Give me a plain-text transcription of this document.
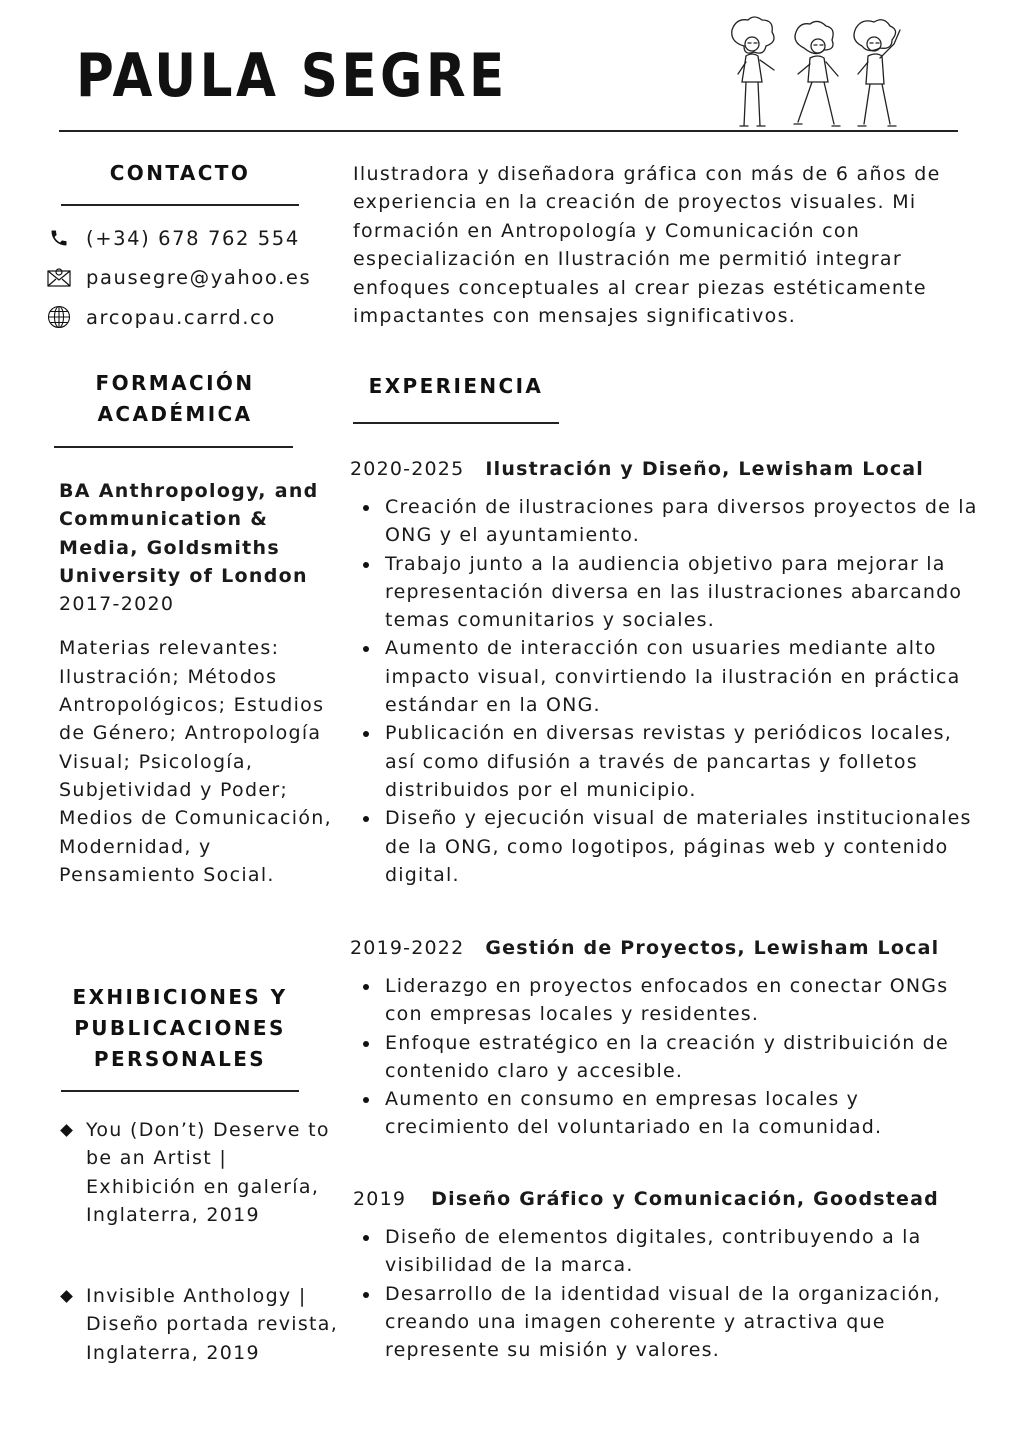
PAULA SEGRE
CONTACTO
(+34) 678 762 554
pausegre@yahoo.es
arcopau.carrd.co
FORMACIÓN
ACADÉMICA

BA Anthropology, and Communication & Media, Goldsmiths University of London

2017-2020

Materias relevantes: Ilustración; Métodos Antropológicos; Estudios de Género; Antropología Visual; Psicología, Subjetividad y Poder; Medios de Comunicación, Modernidad, y Pensamiento Social.

EXHIBICIONES Y
PUBLICACIONES
PERSONALES
You (Don’t) Deserve to be an Artist | Exhibición en galería, Inglaterra, 2019
Invisible Anthology | Diseño portada revista, Inglaterra, 2019

Ilustradora y diseñadora gráfica con más de 6 años de experiencia en la creación de proyectos visuales. Mi formación en Antropología y Comunicación con especialización en Ilustración me permitió integrar enfoques conceptuales al crear piezas estéticamente impactantes con mensajes significativos.

EXPERIENCIA
2020-2025 Ilustración y Diseño, Lewisham Local
Creación de ilustraciones para diversos proyectos de la ONG y el ayuntamiento.
Trabajo junto a la audiencia objetivo para mejorar la representación diversa en las ilustraciones abarcando temas comunitarios y sociales.
Aumento de interacción con usuaries mediante alto impacto visual, convirtiendo la ilustración en práctica estándar en la ONG.
Publicación en diversas revistas y periódicos locales, así como difusión a través de pancartas y folletos distribuidos por el municipio.
Diseño y ejecución visual de materiales institucionales de la ONG, como logotipos, páginas web y contenido digital.
2019-2022 Gestión de Proyectos, Lewisham Local
Liderazgo en proyectos enfocados en conectar ONGs con empresas locales y residentes.
Enfoque estratégico en la creación y distribuición de contenido claro y accesible.
Aumento en consumo en empresas locales y crecimiento del voluntariado en la comunidad.
2019 Diseño Gráfico y Comunicación, Goodstead
Diseño de elementos digitales, contribuyendo a la visibilidad de la marca.
Desarrollo de la identidad visual de la organización, creando una imagen coherente y atractiva que represente su misión y valores.
